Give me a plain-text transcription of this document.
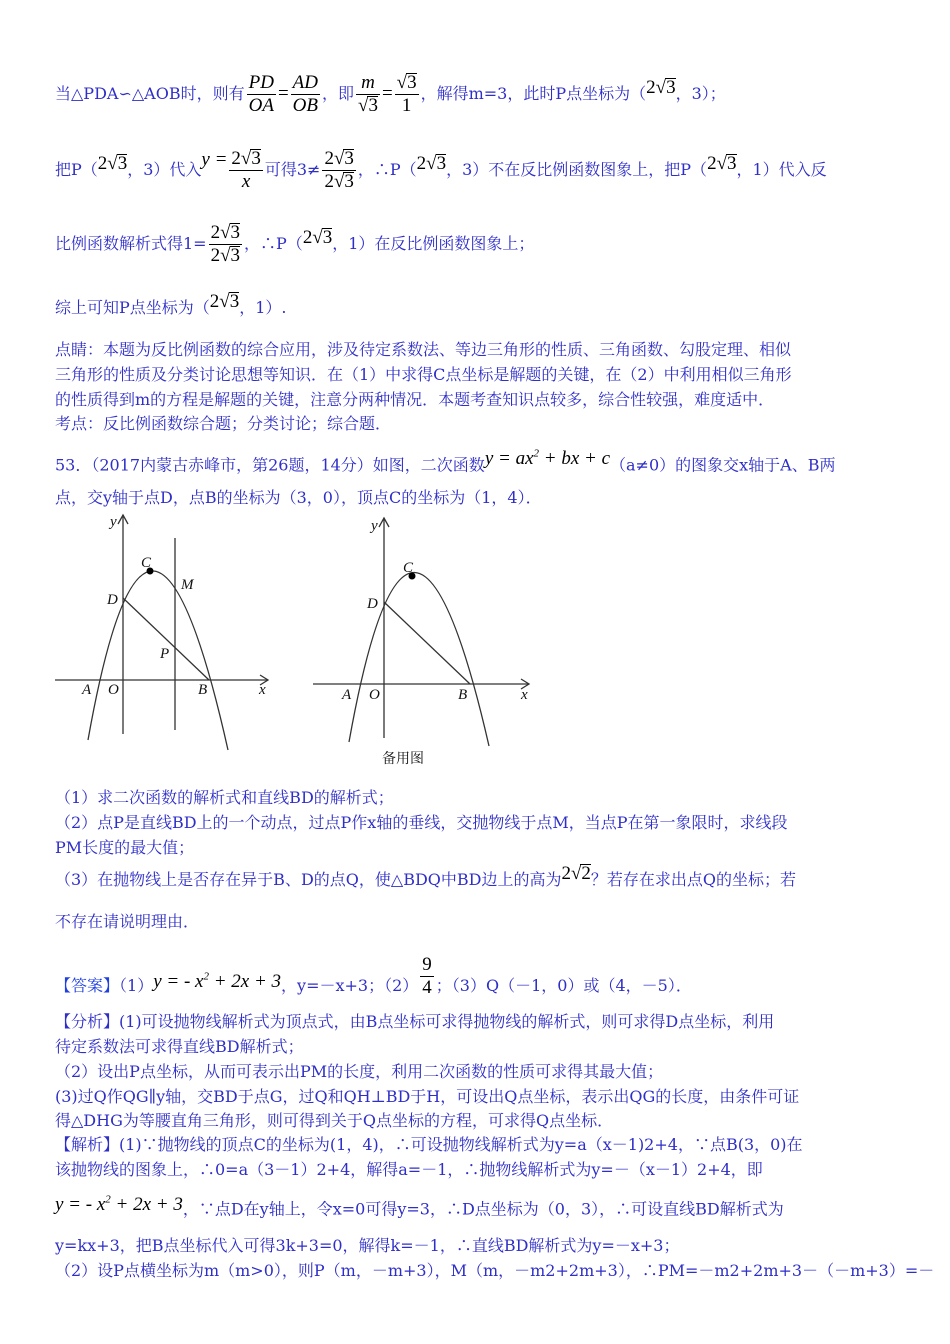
当△PDA∽△AOB时，则有 $\frac{PD}{OA} = \frac{AD}{OB}$ ，即 $\frac{m}{√3} = \frac{√3}{1}$ ，解得m=3，此时P点坐标为（2√3，3）；
把P（2√3，3）代入$y = \frac{2√3}{x}$ 可得$3\ne \frac{2√3}{2√3}$ ，∴P（2√3，3）不在反比例函数图象上，把P（2√3，1）代入反
比例函数解析式得$1= \frac{2√3}{2√3}$ ，∴P（2√3，1）在反比例函数图象上；
综上可知P点坐标为（2√3，1）.
点睛：本题为反比例函数的综合应用，涉及待定系数法、等边三角形的性质、三角函数、勾股定理、相似
三角形的性质及分类讨论思想等知识．在（1）中求得C点坐标是解题的关键，在（2）中利用相似三角形
的性质得到m的方程是解题的关键，注意分两种情况．本题考查知识点较多，综合性较强，难度适中．
考点：反比例函数综合题；分类讨论；综合题．
53．（2017内蒙古赤峰市，第26题，14分）如图，二次函数$y = ax^2$ + bx + c（a≠0）的图象交x轴于A、B两
点，交y轴于点D，点B的坐标为（3，0），顶点C的坐标为（1，4）．
y
x
C
M
D
P
A O	B
y
x
C
D
A O	B
备用图
（1）求二次函数的解析式和直线BD的解析式；
（2）点P是直线BD上的一个动点，过点P作x轴的垂线，交抛物线于点M，当点P在第一象限时，求线段
PM长度的最大值；
（3）在抛物线上是否存在异于B、D的点Q，使△BDQ中BD边上的高为2√2？若存在求出点Q的坐标；若
不存在请说明理由．
【答案】（1）y = - $x^2 + 2x + 3$，y=－x+3；$(2) \frac{9}{4}$ ；（3）Q（－1，0）或（4，－5）．
【分析】(1)可设抛物线解析式为顶点式，由B点坐标可求得抛物线的解析式，则可求得D点坐标，利用
待定系数法可求得直线BD解析式；
（2）设出P点坐标，从而可表示出PM的长度，利用二次函数的性质可求得其最大值；
(3)过Q作QG∥y轴，交BD于点G，过Q和QH⊥BD于H，可设出Q点坐标，表示出QG的长度，由条件可证
得△DHG为等腰直角三角形，则可得到关于Q点坐标的方程，可求得Q点坐标．
【解析】(1)∵抛物线的顶点C的坐标为(1，4)，∴可设抛物线解析式为y=a（x－1)2+4，∵点B(3，0)在
该抛物线的图象上，∴0=a（3－1）2+4，解得a=－1，∴抛物线解析式为y=－（x－1）2+4，即
y = - $x^2 + 2x + 3$，∵点D在y轴上，令x=0可得y=3，∴D点坐标为（0，3），∴可设直线BD解析式为
y=kx+3，把B点坐标代入可得3k+3=0，解得k=－1，∴直线BD解析式为y=－x+3；
（2）设P点横坐标为m（m>0），则P（m，－m+3），M（m，－m2+2m+3），∴PM=－m2+2m+3－（－m+3）=－
